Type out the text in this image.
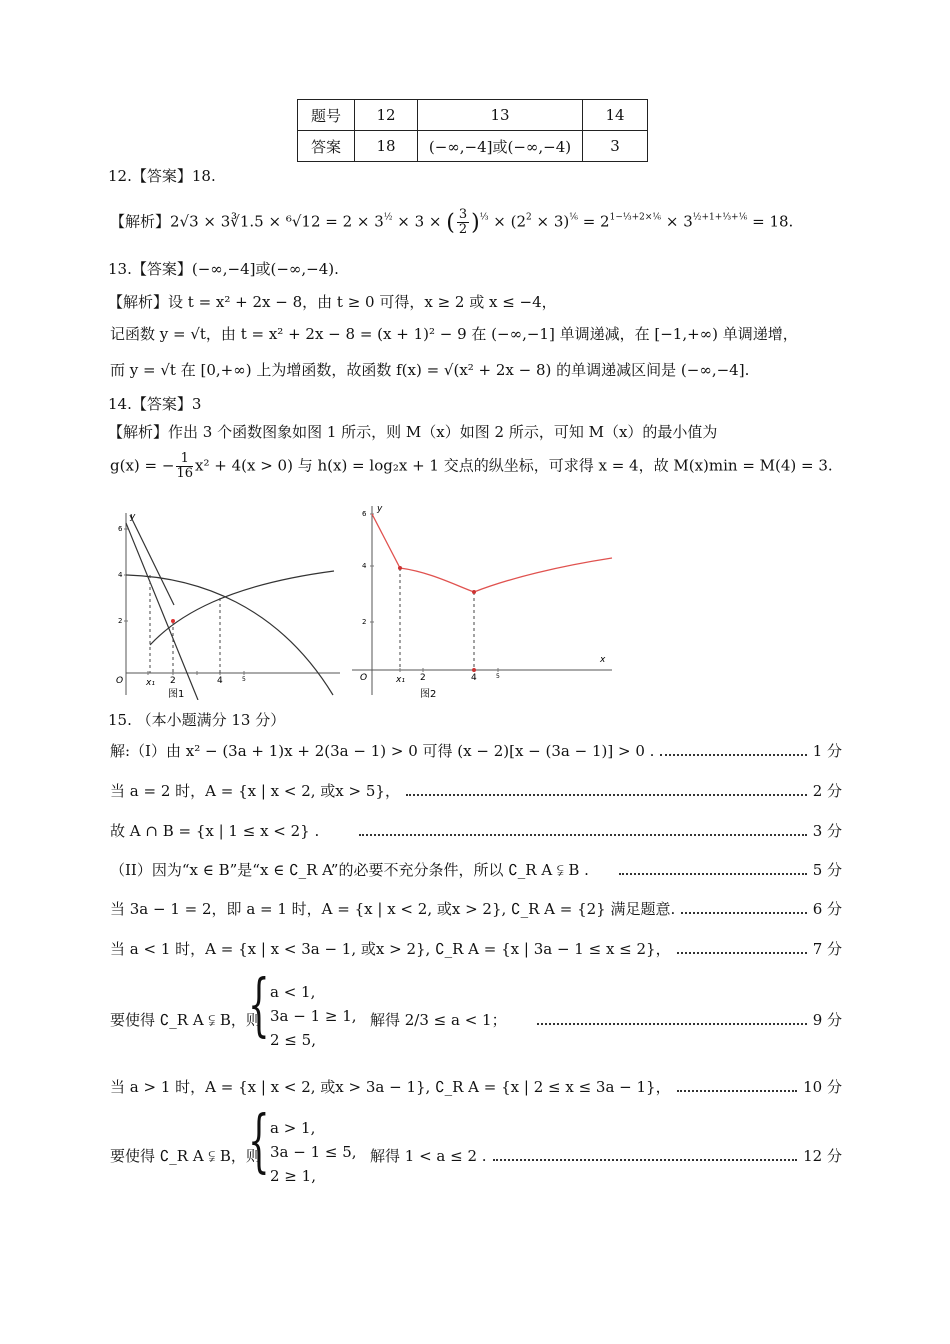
题号	12	13	14
答案	18	(−∞,−4]或(−∞,−4)	3
12.【答案】18.
【解析】2√3 × 3∛1.5 × $^6√12 = 2 \times 3^{\frac{1}{2}} \times 3$ × ( $\frac{3}{2} )^{\frac{1}{3}} \times (2^2 \times 3)^{\frac{1}{6}} = 2^{1-\frac{1}{3}+2\times\frac{1}{6}} \times 3^{\frac{1}{2}+1+\frac{1}{3}+\frac{1}{6}} = 18$.
13.【答案】(−∞,−4]或(−∞,−4).
【解析】设 t = x² + 2x − 8，由 t ≥ 0 可得，x ≥ 2 或 x ≤ −4，
记函数 y = √t，由 t = x² + 2x − 8 = (x + 1)² − 9 在 (−∞,−1] 单调递减，在 [−1,+∞) 单调递增，
而 y = √t 在 [0,+∞) 上为增函数，故函数 f(x) = √(x² + 2x − 8) 的单调递减区间是 (−∞,−4].
14.【答案】3
【解析】作出 3 个函数图象如图 1 所示，则 M（x）如图 2 所示，可知 M（x）的最小值为
g(x) = − $\frac{1}{16} x^2 + 4(x > 0)$ 与 h(x) = log₂x + 1 交点的纵坐标，可求得 x = 4，故 M(x)min = M(4) = 3.
y
6
4
2
O	x₁ 2	4	5
图1
y
6
4
2
x
O	x₁ 2	4	5
图2
15. （本小题满分 13 分）
解:（I）由 x² − (3a + 1)x + 2(3a − 1) > 0 可得 (x − 2)[x − (3a − 1)] > 0 .	1 分
当 a = 2 时，A = {x | x < 2, 或x > 5}，	2 分
故 A ∩ B = {x | 1 ≤ x < 2} .	3 分
（II）因为“x ∈ B”是“x ∈ ∁_R A”的必要不充分条件，所以 ∁_R A ⫋ B .	5 分
当 3a − 1 = 2，即 a = 1 时，A = {x | x < 2, 或x > 2}, ∁_R A = {2} 满足题意.	6 分
当 a < 1 时，A = {x | x < 3a − 1, 或x > 2}, ∁_R A = {x | 3a − 1 ≤ x ≤ 2}，	7 分
要使得 ∁_R A ⫋ B，则
{ a < 1,
3a − 1 ≥ 1,
2 ≤ 5,
解得 2/3 ≤ a < 1；	9 分
当 a > 1 时，A = {x | x < 2, 或x > 3a − 1}, ∁_R A = {x | 2 ≤ x ≤ 3a − 1}，	10 分
要使得 ∁_R A ⫋ B，则
{ a > 1,
3a − 1 ≤ 5,
2 ≥ 1,
解得 1 < a ≤ 2 .	12 分
